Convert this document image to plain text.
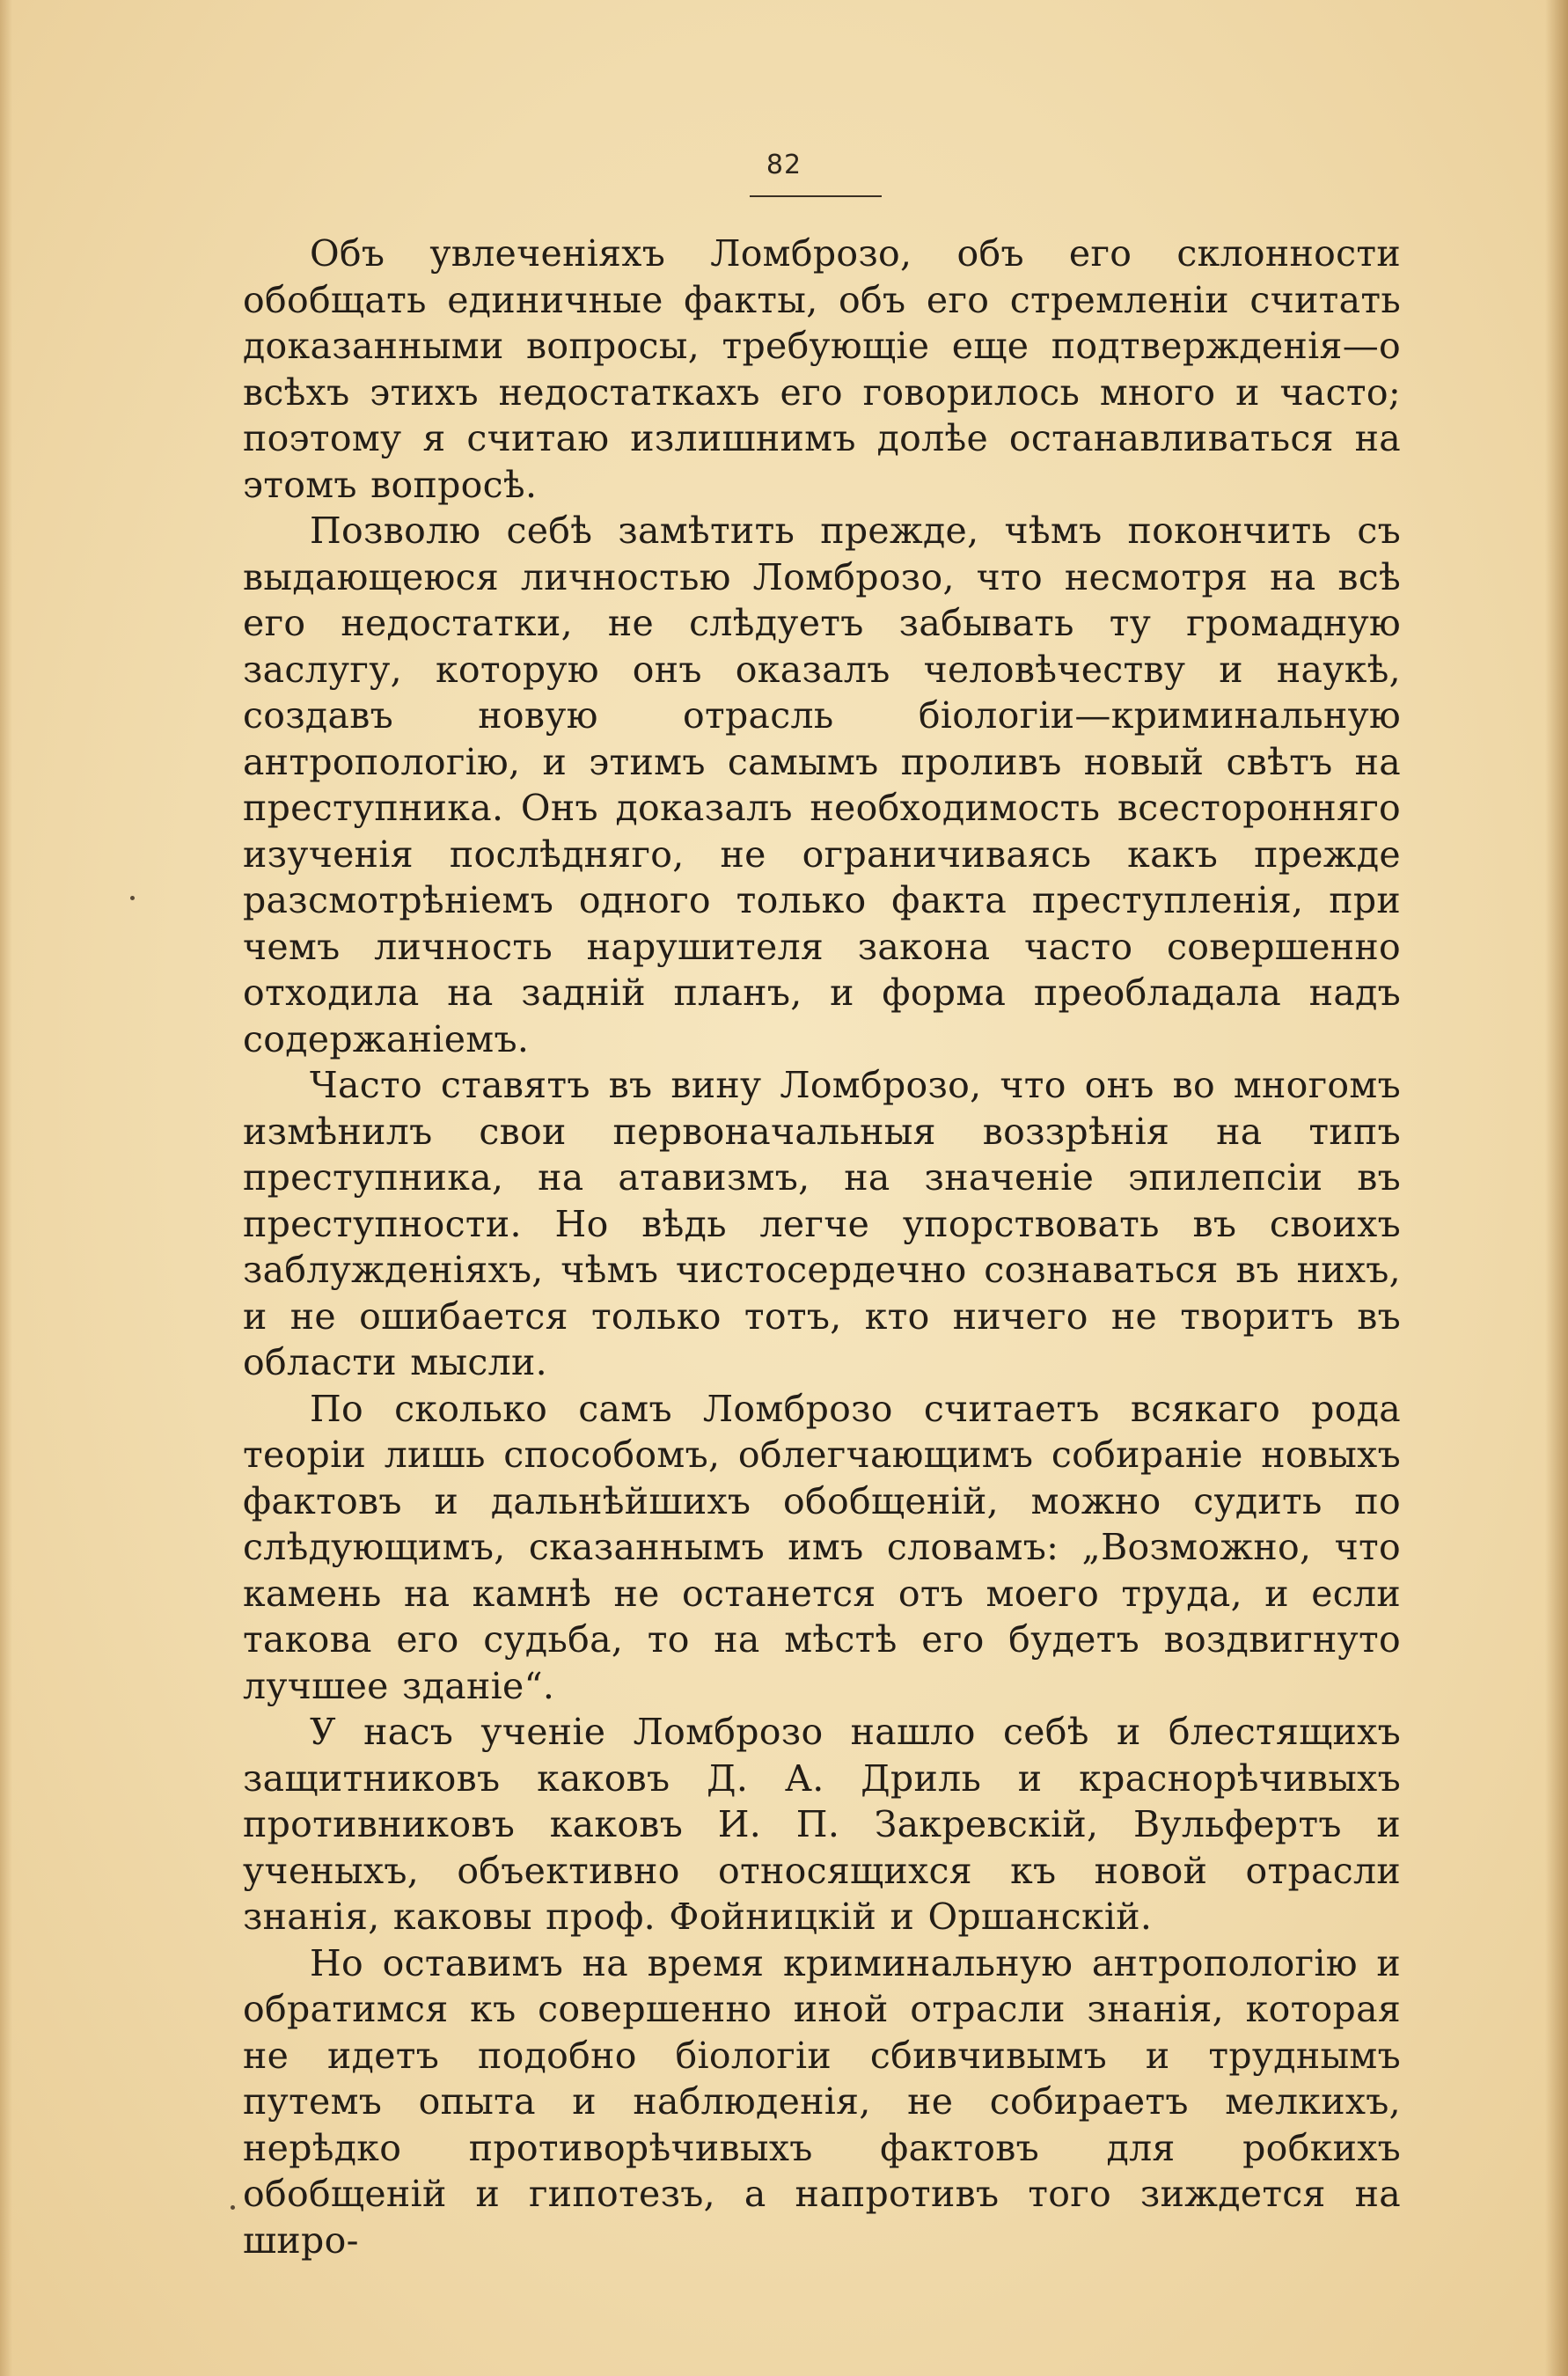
82

Объ увлеченіяхъ Ломброзо, объ его склонности обобщать единичные факты, объ его стремленіи считать доказанными вопросы, требующіе еще подтвержденія—о всѣхъ этихъ недостаткахъ его говорилось много и часто; поэтому я считаю излишнимъ долѣе останавливаться на этомъ вопросѣ.

Позволю себѣ замѣтить прежде, чѣмъ покончить съ выдающеюся личностью Ломброзо, что несмотря на всѣ его недостатки, не слѣдуетъ забывать ту громадную заслугу, которую онъ оказалъ человѣчеству и наукѣ, создавъ новую отрасль біологіи—криминальную антропологію, и этимъ самымъ проливъ новый свѣтъ на преступника. Онъ доказалъ необходимость всесторонняго изученія послѣдняго, не ограничиваясь какъ прежде разсмотрѣніемъ одного только факта преступленія, при чемъ личность нарушителя закона часто совершенно отходила на задній планъ, и форма преобладала надъ содержаніемъ.

Часто ставятъ въ вину Ломброзо, что онъ во многомъ измѣнилъ свои первоначальныя воззрѣнія на типъ преступника, на атавизмъ, на значеніе эпилепсіи въ преступности. Но вѣдь легче упорствовать въ своихъ заблужденіяхъ, чѣмъ чистосердечно сознаваться въ нихъ, и не ошибается только тотъ, кто ничего не творитъ въ области мысли.

По сколько самъ Ломброзо считаетъ всякаго рода теоріи лишь способомъ, облегчающимъ собираніе новыхъ фактовъ и дальнѣйшихъ обобщеній, можно судить по слѣдующимъ, сказаннымъ имъ словамъ: „Возможно, что камень на камнѣ не останется отъ моего труда, и если такова его судьба, то на мѣстѣ его будетъ воздвигнуто лучшее зданіе“.

У насъ ученіе Ломброзо нашло себѣ и блестящихъ защитниковъ каковъ Д. А. Дриль и краснорѣчивыхъ противниковъ каковъ И. П. Закревскій, Вульфертъ и ученыхъ, объективно относящихся къ новой отрасли знанія, каковы проф. Фойницкій и Оршанскій.

Но оставимъ на время криминальную антропологію и обратимся къ совершенно иной отрасли знанія, которая не идетъ подобно біологіи сбивчивымъ и труднымъ путемъ опыта и наблюденія, не собираетъ мелкихъ, нерѣдко противорѣчивыхъ фактовъ для робкихъ обобщеній и гипотезъ, а напротивъ того зиждется на широ-
